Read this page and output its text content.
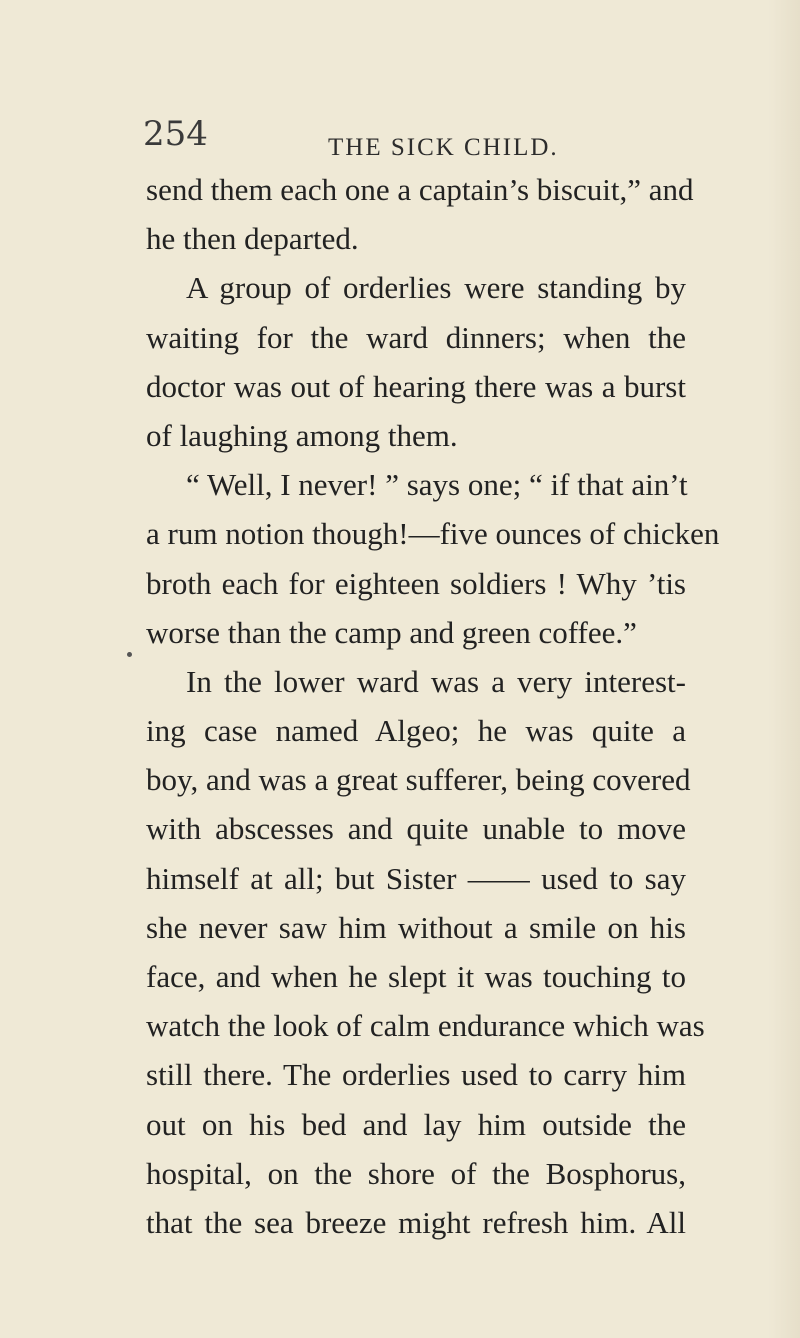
254	THE SICK CHILD.
send them each one a captain’s biscuit,” and
he then departed.
A group of orderlies were standing by
waiting for the ward dinners; when the
doctor was out of hearing there was a burst
of laughing among them.
“ Well, I never! ” says one; “ if that ain’t
a rum notion though!—five ounces of chicken
broth each for eighteen soldiers ! Why ’tis
worse than the camp and green coffee.”
In the lower ward was a very interest-
ing case named Algeo; he was quite a
boy, and was a great sufferer, being covered
with abscesses and quite unable to move
himself at all; but Sister —— used to say
she never saw him without a smile on his
face, and when he slept it was touching to
watch the look of calm endurance which was
still there. The orderlies used to carry him
out on his bed and lay him outside the
hospital, on the shore of the Bosphorus,
that the sea breeze might refresh him. All
